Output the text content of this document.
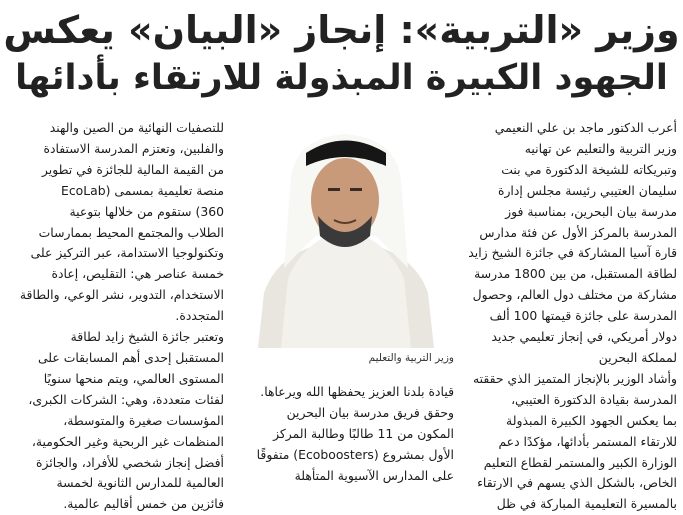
وزير «التربية»: إنجاز «البيان» يعكس
الجهود الكبيرة المبذولة للارتقاء بأدائها
أعرب الدكتور ماجد بن علي النعيمي
وزير التربية والتعليم عن تهانيه
وتبريكاته للشيخة الدكتورة مي بنت
سليمان العتيبي رئيسة مجلس إدارة
مدرسة بيان البحرين، بمناسبة فوز
المدرسة بالمركز الأول عن فئة مدارس
قارة آسيا المشاركة في جائزة الشيخ زايد
لطاقة المستقبل، من بين 1800 مدرسة
مشاركة من مختلف دول العالم، وحصول
المدرسة على جائزة قيمتها 100 ألف
دولار أمريكي، في إنجاز تعليمي جديد
لمملكة البحرين
وأشاد الوزير بالإنجاز المتميز الذي حققته
المدرسة بقيادة الدكتورة العتيبي،
بما يعكس الجهود الكبيرة المبذولة
للارتقاء المستمر بأدائها، مؤكدًا دعم
الوزارة الكبير والمستمر لقطاع التعليم
الخاص، بالشكل الذي يسهم في الارتقاء
بالمسيرة التعليمية المباركة في ظل
وزير التربية والتعليم
قيادة بلدنا العزيز يحفظها الله ويرعاها.
وحقق فريق مدرسة بيان البحرين
المكون من 11 طالبًا وطالبة المركز
الأول بمشروع (Ecoboosters) متفوقًا
على المدارس الآسيوية المتأهلة
للتصفيات النهائية من الصين والهند
والفلبين، وتعتزم المدرسة الاستفادة
من القيمة المالية للجائزة في تطوير
منصة تعليمية بمسمى (EcoLab
360) ستقوم من خلالها بتوعية
الطلاب والمجتمع المحيط بممارسات
وتكنولوجيا الاستدامة، عبر التركيز على
خمسة عناصر هي: التقليص، إعادة
الاستخدام، التدوير، نشر الوعي، والطاقة
المتجددة.
وتعتبر جائزة الشيخ زايد لطاقة
المستقبل إحدى أهم المسابقات على
المستوى العالمي، ويتم منحها سنويًا
لفئات متعددة، وهي: الشركات الكبرى،
المؤسسات صغيرة والمتوسطة،
المنظمات غير الربحية وغير الحكومية،
أفضل إنجاز شخصي للأفراد، والجائزة
العالمية للمدارس الثانوية لخمسة
فائزين من خمس أقاليم عالمية.
